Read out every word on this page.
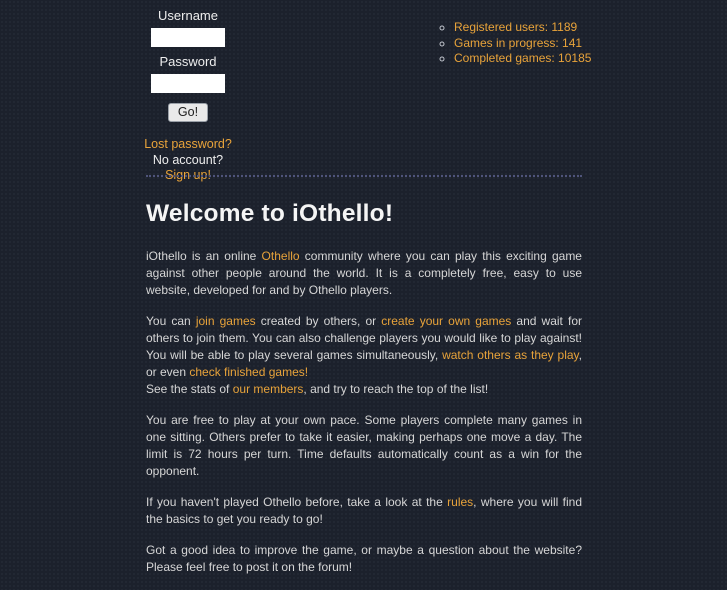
Username
Password
Go!
Lost password?
No account?
Sign up!
◦ Registered users: 1189
◦ Games in progress: 141
◦ Completed games: 10185
Welcome to iOthello!

iOthello is an online Othello community where you can play this exciting game against other people around the world. It is a completely free, easy to use website, developed for and by Othello players.

You can join games created by others, or create your own games and wait for others to join them. You can also challenge players you would like to play against! You will be able to play several games simultaneously, watch others as they play, or even check finished games!
See the stats of our members, and try to reach the top of the list!

You are free to play at your own pace. Some players complete many games in one sitting. Others prefer to take it easier, making perhaps one move a day. The limit is 72 hours per turn. Time defaults automatically count as a win for the opponent.

If you haven't played Othello before, take a look at the rules, where you will find the basics to get you ready to go!

Got a good idea to improve the game, or maybe a question about the website? Please feel free to post it on the forum!
